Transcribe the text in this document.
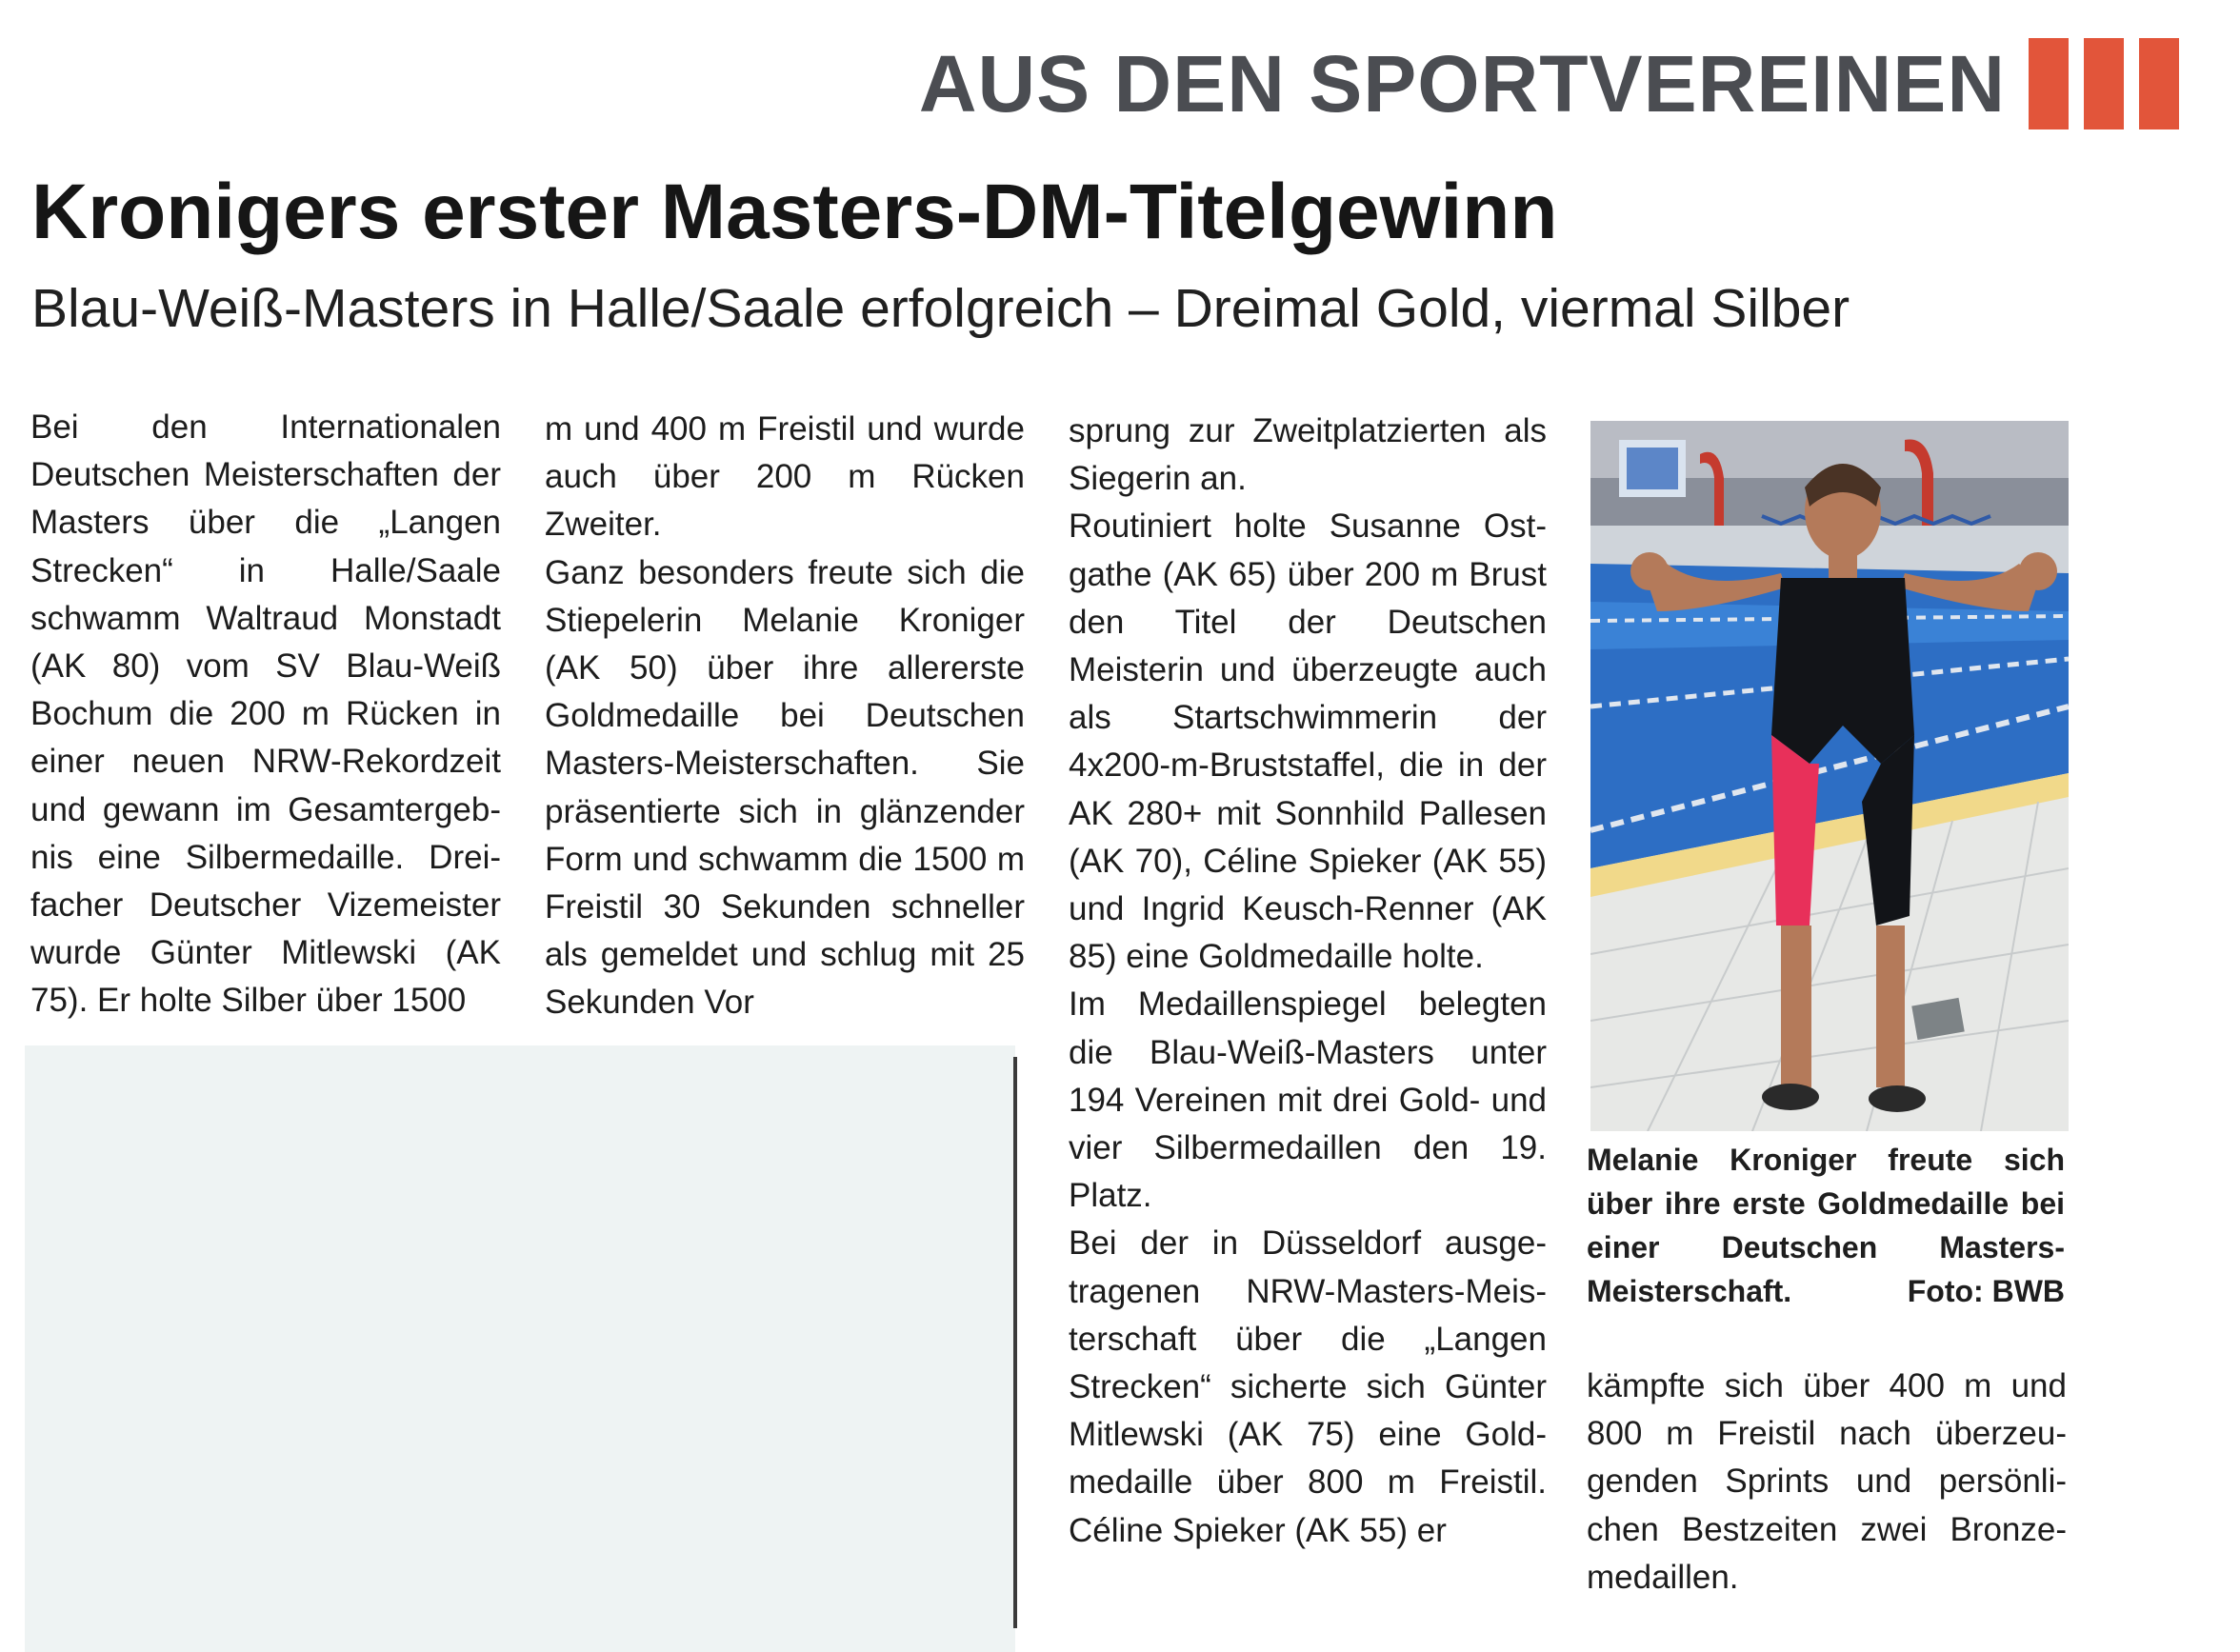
AUS DEN SPORTVEREINEN
Kronigers erster Masters-DM-Titelgewinn
Blau-Weiß-Masters in Halle/Saale erfolgreich – Dreimal Gold, viermal Silber

Bei den Internationalen Deutschen Meisterschaften der Masters über die „Langen Strecken“ in Halle/Saale schwamm Waltraud Monstadt (AK 80) vom SV Blau-Weiß Bochum die 200 m Rücken in einer neuen NRW-Rekordzeit und gewann im Gesamtergebnis eine Silbermedaille. Dreifacher Deutscher Vizemeister wurde Günter Mitlewski (AK 75). Er holte Silber über 1500

m und 400 m Freistil und wurde auch über 200 m Rücken Zweiter.

Ganz besonders freute sich die Stiepelerin Melanie Kroniger (AK 50) über ihre allererste Goldmedaille bei Deutschen Masters-Meisterschaften. Sie präsentierte sich in glänzender Form und schwamm die 1500 m Freistil 30 Sekunden schneller als gemeldet und schlug mit 25 Sekunden Vor

sprung zur Zweitplatzierten als Siegerin an.

Routiniert holte Susanne Ostgathe (AK 65) über 200 m Brust den Titel der Deutschen Meisterin und überzeugte auch als Startschwimmerin der 4x200-m-Bruststaffel, die in der AK 280+ mit Sonnhild Pallesen (AK 70), Céline Spieker (AK 55) und Ingrid Keusch-Renner (AK 85) eine Goldmedaille holte.

Im Medaillenspiegel belegten die Blau-Weiß-Masters unter 194 Vereinen mit drei Gold- und vier Silbermedaillen den 19. Platz.

Bei der in Düsseldorf ausgetragenen NRW-Masters-Meisterschaft über die „Langen Strecken“ sicherte sich Günter Mitlewski (AK 75) eine Goldmedaille über 800 m Freistil. Céline Spieker (AK 55) er

Melanie Kroniger freute sich über ihre erste Goldmedaille bei einer Deutschen Masters-Meisterschaft.	Foto: BWB

kämpfte sich über 400 m und 800 m Freistil nach überzeugenden Sprints und persönlichen Bestzeiten zwei Bronzemedaillen.
